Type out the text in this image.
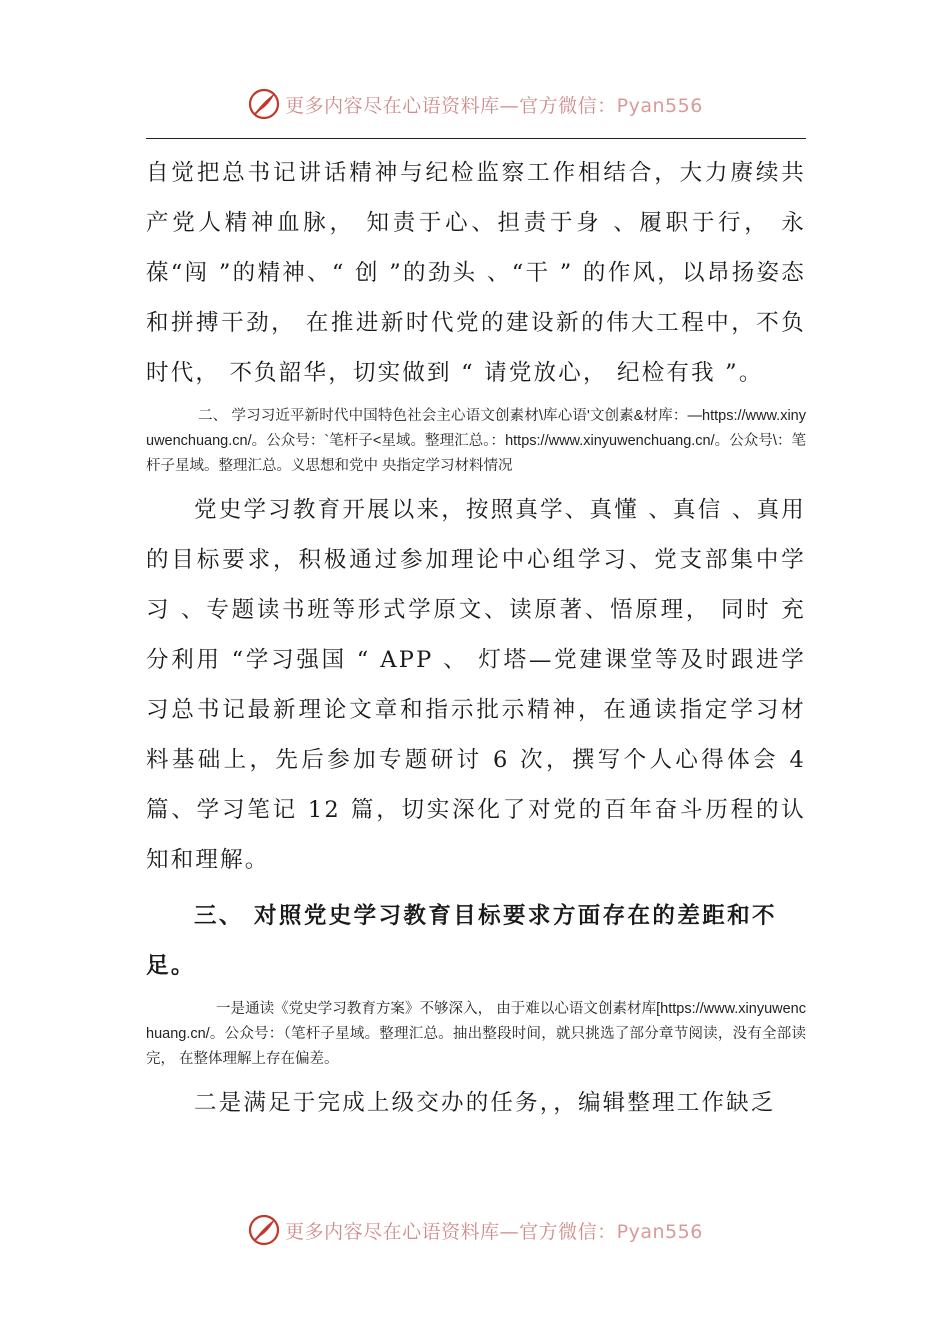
更多内容尽在心语资料库—官方微信：Pyan556

自觉把总书记讲话精神与纪检监察工作相结合，大力赓续共产党人精神血脉， 知责于心、担责于身 、履职于行， 永葆“闯 ”的精神、“ 创 ”的劲头 、“干 ” 的作风，以昂扬姿态和拼搏干劲， 在推进新时代党的建设新的伟大工程中，不负时代， 不负韶华，切实做到 “ 请党放心， 纪检有我 ”。

二、 学习习近平新时代中国特色社会主心语文创素材\库心语'文创素&材库：—https://www.xinyuwenchuang.cn/。公众号：`笔杆子<星域。整理汇总。：https://www.xinyuwenchuang.cn/。公众号\：笔杆子星域。整理汇总。义思想和党中 央指定学习材料情况

党史学习教育开展以来，按照真学、真懂 、真信 、真用的目标要求，积极通过参加理论中心组学习、党支部集中学习 、专题读书班等形式学原文、读原著、悟原理， 同时 充分利用 “学习强国 “ APP 、 灯塔—党建课堂等及时跟进学习总书记最新理论文章和指示批示精神，在通读指定学习材料基础上，先后参加专题研讨 6 次，撰写个人心得体会 4 篇、学习笔记 12 篇，切实深化了对党的百年奋斗历程的认知和理解。

三、 对照党史学习教育目标要求方面存在的差距和不足。

一是通读《党史学习教育方案》不够深入， 由于难以心语文创素材库[https://www.xinyuwenchuang.cn/。公众号：（笔杆子星域。整理汇总。抽出整段时间，就只挑选了部分章节阅读，没有全部读完， 在整体理解上存在偏差。

二是满足于完成上级交办的任务，，编辑整理工作缺乏

更多内容尽在心语资料库—官方微信：Pyan556
